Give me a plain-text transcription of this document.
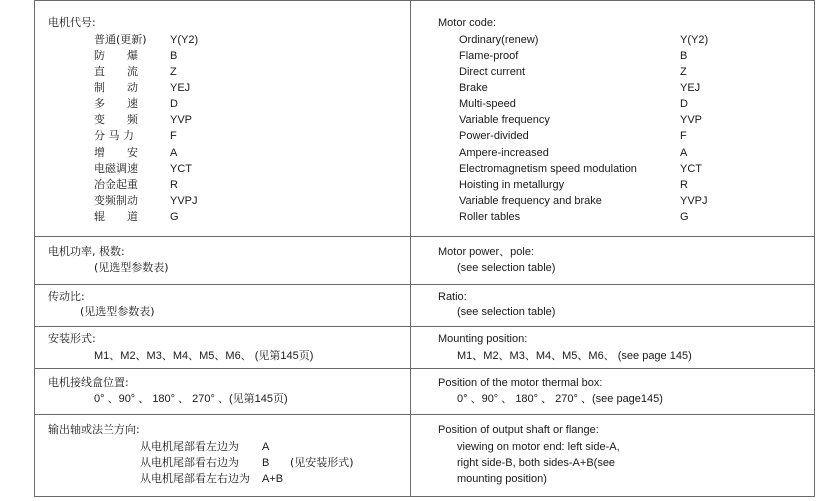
电机代号:
普通(更新) Y(Y2)
防　　爆	B
直　　流	Z
制　　动	YEJ
多　　速	D
变　　频	YVP
分 马 力	F
增　　安	A
电磁调速	YCT
冶金起重	R
变频制动	YVPJ
辊　　道	G
Motor code:
Ordinary(renew)	Y(Y2)
Flame-proof	B
Direct current	Z
Brake	YEJ
Multi-speed	D
Variable frequency	YVP
Power-divided	F
Ampere-increased	A
Electromagnetism speed modulation	YCT
Hoisting in metallurgy	R
Variable frequency and brake	YVPJ
Roller tables	G
电机功率, 极数:
(见选型参数表)
Motor power、pole:
(see selection table)
传动比:
(见选型参数表)
Ratio:
(see selection table)
安装形式:
M1、M2、M3、M4、M5、M6、 (见第145页)
Mounting position:
M1、M2、M3、M4、M5、M6、 (see page 145)
电机接线盒位置:
0° 、90° 、 180° 、 270° 、(见第145页)
Position of the motor thermal box:
0° 、90° 、 180° 、 270° 、(see page145)
输出轴或法兰方向:
从电机尾部看左边为 A
从电机尾部看右边为 B (见安装形式)
从电机尾部看左右边为 A+B
Position of output shaft or flange:
viewing on motor end: left side-A,
right side-B, both sides-A+B(see
mounting position)
